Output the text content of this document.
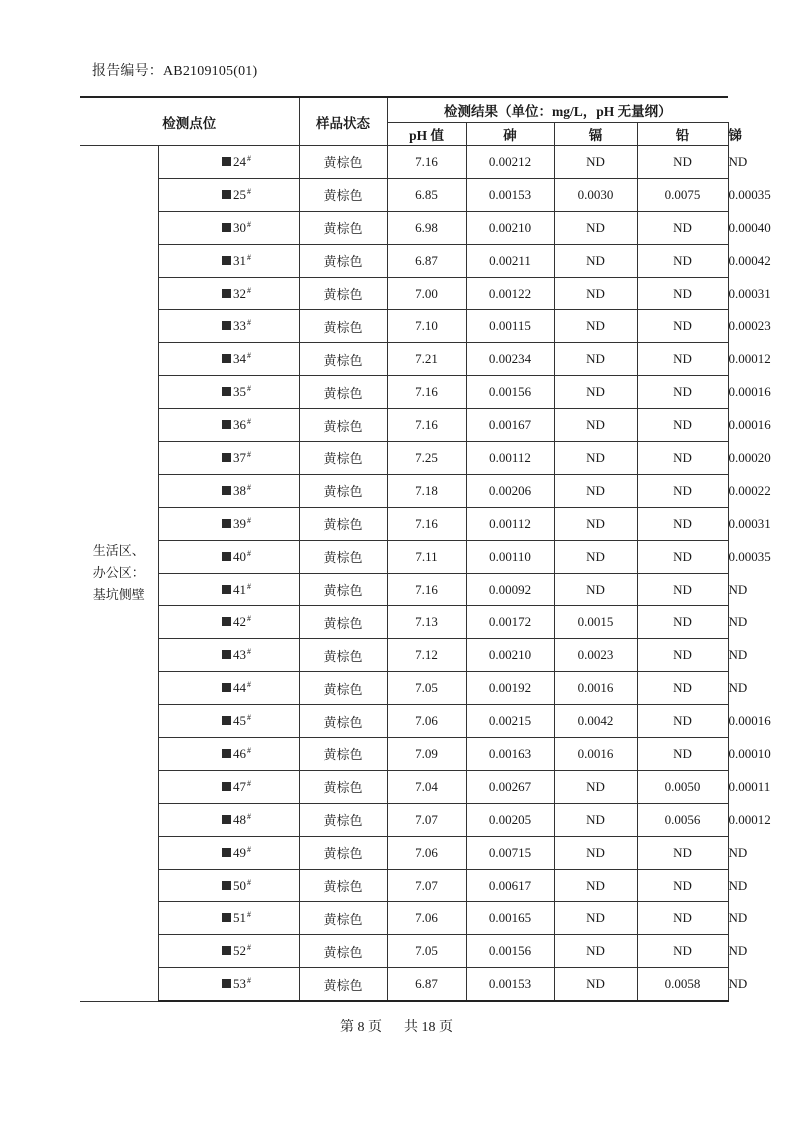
报告编号：AB2109105(01)
检测点位		样品状态	检测结果（单位：mg/L，pH 无量纲）				
			pH 值	砷	镉	铅	锑
生活区、
办公区：
基坑侧壁	24#	黄棕色	7.16	0.00212	ND	ND	ND
	25#	黄棕色	6.85	0.00153	0.0030	0.0075	0.00035
	30#	黄棕色	6.98	0.00210	ND	ND	0.00040
	31#	黄棕色	6.87	0.00211	ND	ND	0.00042
	32#	黄棕色	7.00	0.00122	ND	ND	0.00031
	33#	黄棕色	7.10	0.00115	ND	ND	0.00023
	34#	黄棕色	7.21	0.00234	ND	ND	0.00012
	35#	黄棕色	7.16	0.00156	ND	ND	0.00016
	36#	黄棕色	7.16	0.00167	ND	ND	0.00016
	37#	黄棕色	7.25	0.00112	ND	ND	0.00020
	38#	黄棕色	7.18	0.00206	ND	ND	0.00022
	39#	黄棕色	7.16	0.00112	ND	ND	0.00031
	40#	黄棕色	7.11	0.00110	ND	ND	0.00035
	41#	黄棕色	7.16	0.00092	ND	ND	ND
	42#	黄棕色	7.13	0.00172	0.0015	ND	ND
	43#	黄棕色	7.12	0.00210	0.0023	ND	ND
	44#	黄棕色	7.05	0.00192	0.0016	ND	ND
	45#	黄棕色	7.06	0.00215	0.0042	ND	0.00016
	46#	黄棕色	7.09	0.00163	0.0016	ND	0.00010
	47#	黄棕色	7.04	0.00267	ND	0.0050	0.00011
	48#	黄棕色	7.07	0.00205	ND	0.0056	0.00012
	49#	黄棕色	7.06	0.00715	ND	ND	ND
	50#	黄棕色	7.07	0.00617	ND	ND	ND
	51#	黄棕色	7.06	0.00165	ND	ND	ND
	52#	黄棕色	7.05	0.00156	ND	ND	ND
	53#	黄棕色	6.87	0.00153	ND	0.0058	ND
第 8 页 共 18 页
